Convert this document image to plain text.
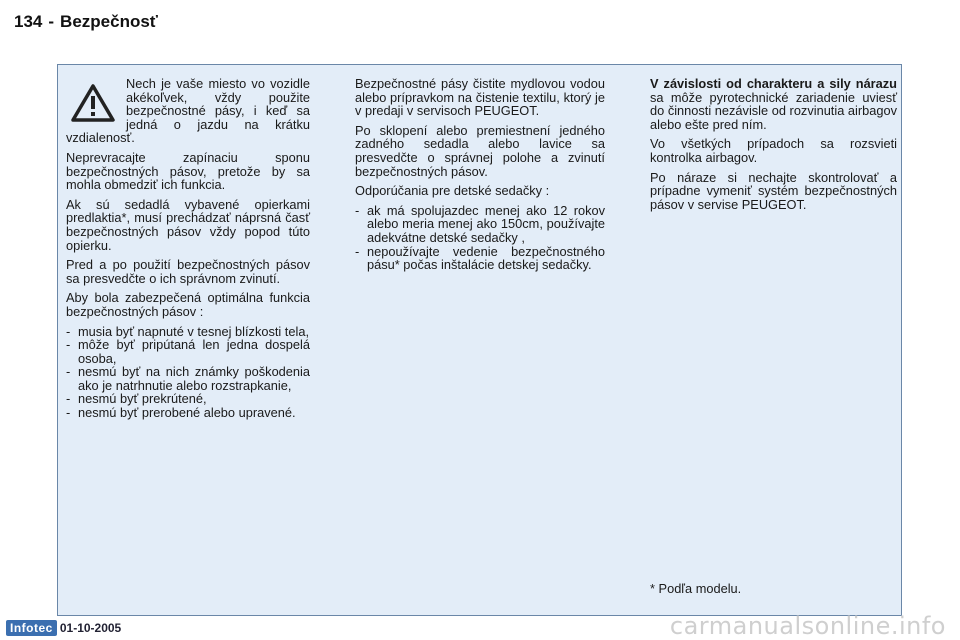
134 - Bezpečnosť

Nech je vaše miesto vo vozidle akékoľvek, vždy použite bezpečnostné pásy, i keď sa jedná o jazdu na krátku vzdialenosť.

Neprevracajte zapínaciu sponu bezpečnostných pásov, pretože by sa mohla obmedziť ich funkcia.

Ak sú sedadlá vybavené opierkami predlaktia*, musí prechádzať náprsná časť bezpečnostných pásov vždy popod túto opierku.

Pred a po použití bezpečnostných pásov sa presvedčte o ich správnom zvinutí.

Aby bola zabezpečená optimálna funkcia bezpečnostných pásov :

- musia byť napnuté v tesnej blízkosti tela,
- môže byť pripútaná len jedna dospelá osoba,
- nesmú byť na nich známky poškodenia ako je natrhnutie alebo rozstrapkanie,
- nesmú byť prekrútené,
- nesmú byť prerobené alebo upravené.

Bezpečnostné pásy čistite mydlovou vodou alebo prípravkom na čistenie textilu, ktorý je v predaji v servisoch PEUGEOT.

Po sklopení alebo premiestnení jedného zadného sedadla alebo lavice sa presvedčte o správnej polohe a zvinutí bezpečnostných pásov.

Odporúčania pre detské sedačky :

- ak má spolujazdec menej ako 12 rokov alebo meria menej ako 150cm, používajte adekvátne detské sedačky ,
- nepoužívajte vedenie bezpečnostného pásu* počas inštalácie detskej sedačky.

V závislosti od charakteru a sily nárazu sa môže pyrotechnické zariadenie uviesť do činnosti nezávisle od rozvinutia airbagov alebo ešte pred ním.

Vo všetkých prípadoch sa rozsvieti kontrolka airbagov.

Po náraze si nechajte skontrolovať a prípadne vymeniť systém bezpečnostných pásov v servise PEUGEOT.

* Podľa modelu.
Infotec 01-10-2005	carmanualsonline.info
